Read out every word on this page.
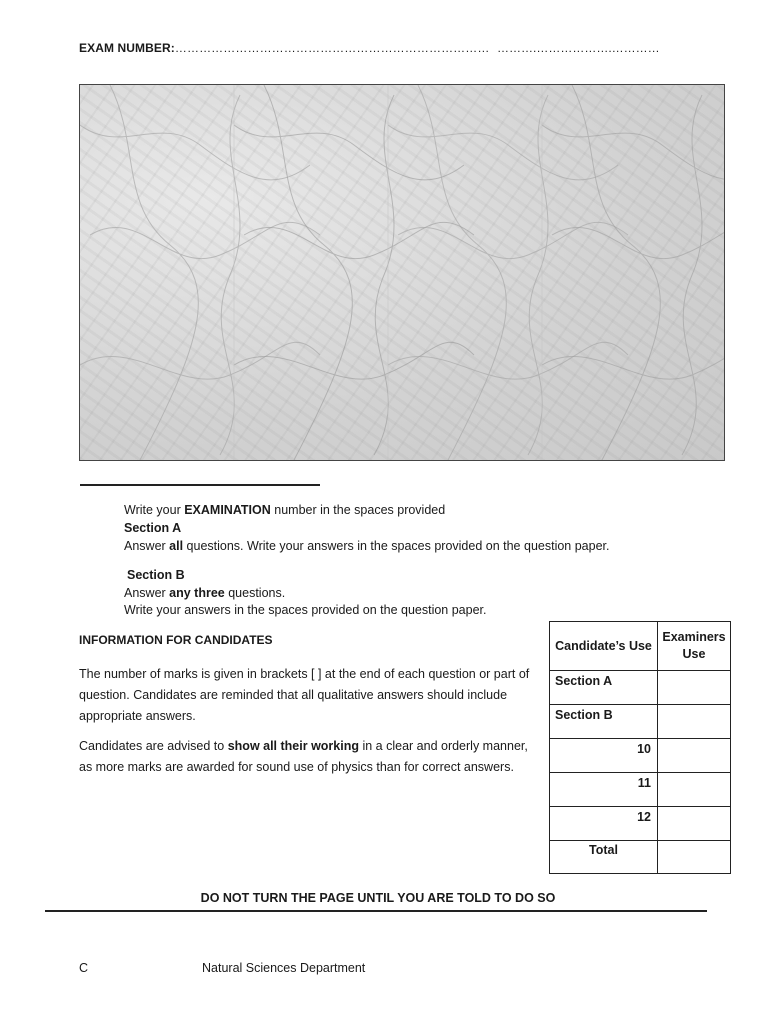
EXAM NUMBER:…………………………………………………………………… ……….……………….…………
Write your EXAMINATION number in the spaces provided
Section A
Answer all questions. Write your answers in the spaces provided on the question paper.
Section B
Answer any three questions.
Write your answers in the spaces provided on the question paper.
INFORMATION FOR CANDIDATES
The number of marks is given in brackets [ ] at the end of each question or part of question. Candidates are reminded that all qualitative answers should include appropriate answers.
Candidates are advised to show all their working in a clear and orderly manner, as more marks are awarded for sound use of physics than for correct answers.
Candidate’s Use	Examiners Use
Section A	
Section B	
10	
11	
12	
Total	
DO NOT TURN THE PAGE UNTIL YOU ARE TOLD TO DO SO
C	Natural Sciences Department
